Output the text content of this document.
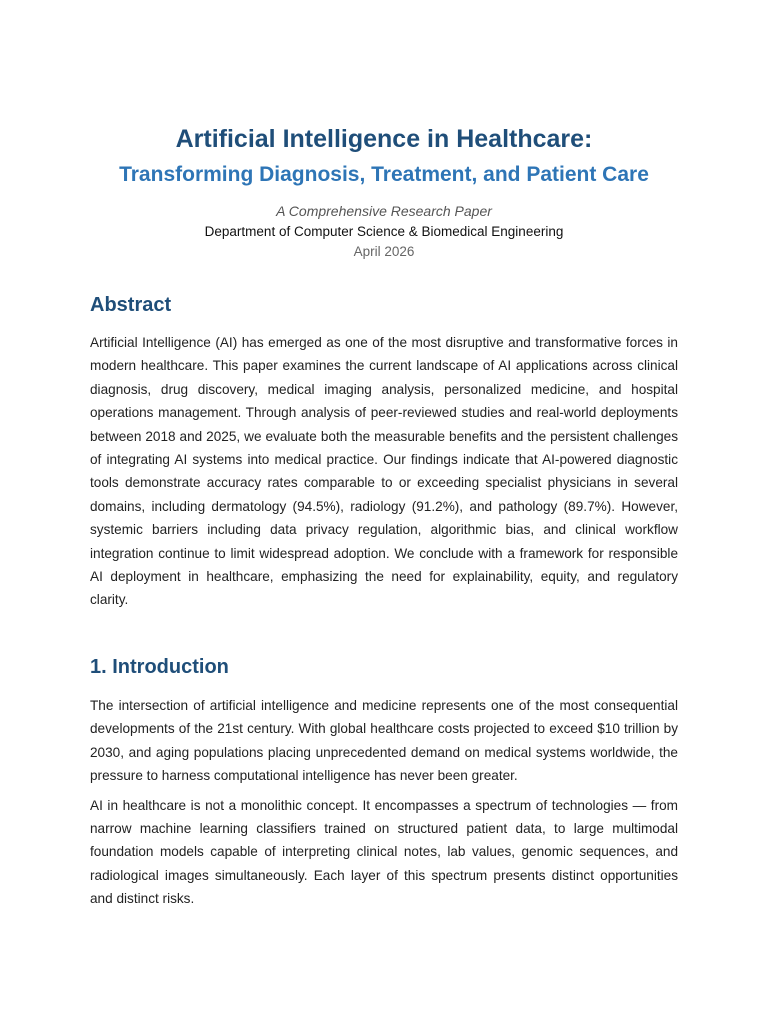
Artificial Intelligence in Healthcare:
Transforming Diagnosis, Treatment, and Patient Care
A Comprehensive Research Paper
Department of Computer Science & Biomedical Engineering
April 2026
Abstract

Artificial Intelligence (AI) has emerged as one of the most disruptive and transformative forces in modern healthcare. This paper examines the current landscape of AI applications across clinical diagnosis, drug discovery, medical imaging analysis, personalized medicine, and hospital operations management. Through analysis of peer-reviewed studies and real-world deployments between 2018 and 2025, we evaluate both the measurable benefits and the persistent challenges of integrating AI systems into medical practice. Our findings indicate that AI-powered diagnostic tools demonstrate accuracy rates comparable to or exceeding specialist physicians in several domains, including dermatology (94.5%), radiology (91.2%), and pathology (89.7%). However, systemic barriers including data privacy regulation, algorithmic bias, and clinical workflow integration continue to limit widespread adoption. We conclude with a framework for responsible AI deployment in healthcare, emphasizing the need for explainability, equity, and regulatory clarity.

1. Introduction

The intersection of artificial intelligence and medicine represents one of the most consequential developments of the 21st century. With global healthcare costs projected to exceed $10 trillion by 2030, and aging populations placing unprecedented demand on medical systems worldwide, the pressure to harness computational intelligence has never been greater.

AI in healthcare is not a monolithic concept. It encompasses a spectrum of technologies — from narrow machine learning classifiers trained on structured patient data, to large multimodal foundation models capable of interpreting clinical notes, lab values, genomic sequences, and radiological images simultaneously. Each layer of this spectrum presents distinct opportunities and distinct risks.
